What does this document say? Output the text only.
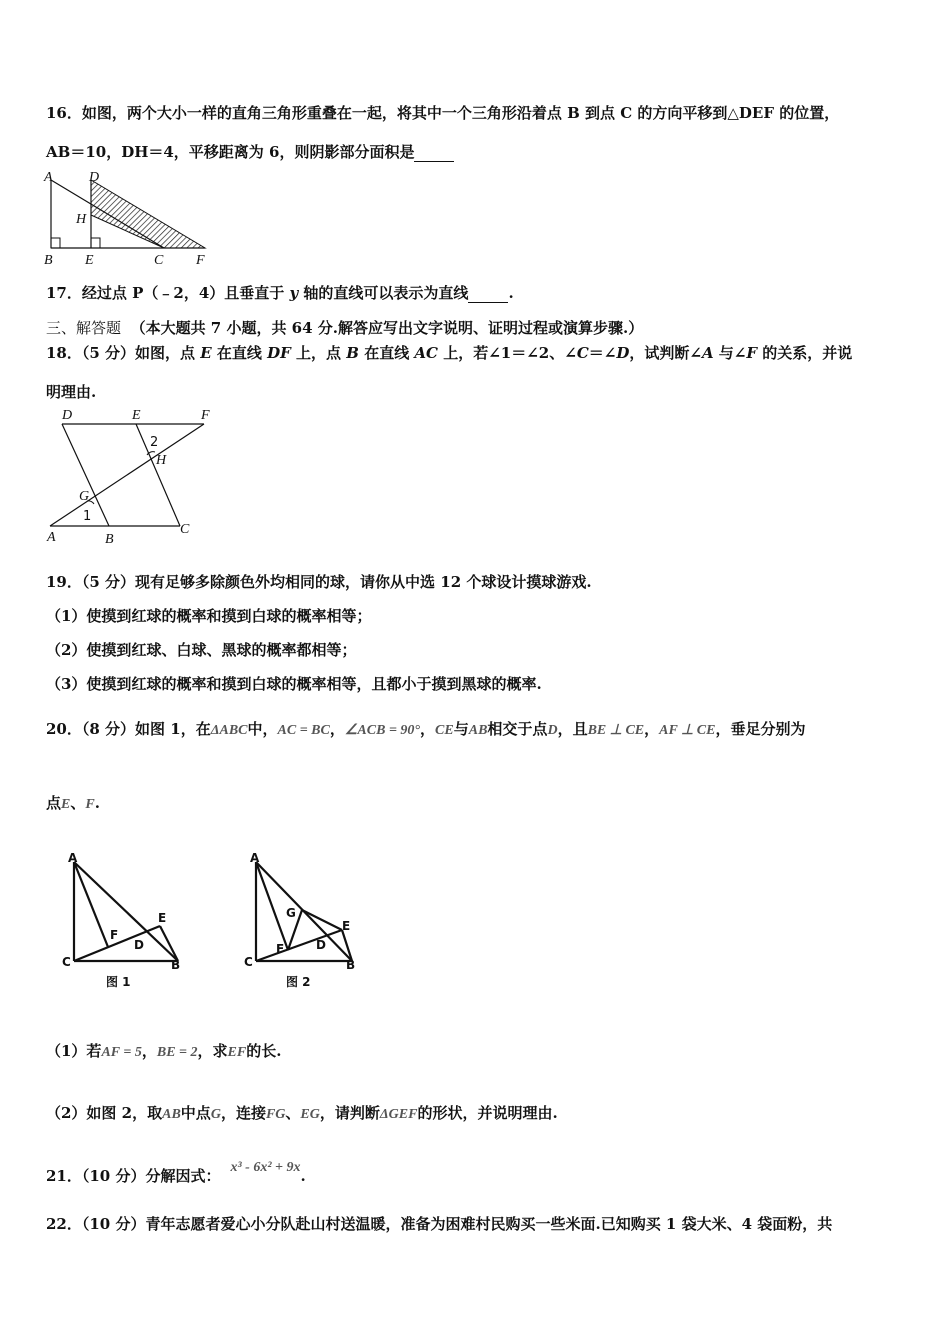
16．如图，两个大小一样的直角三角形重叠在一起，将其中一个三角形沿着点 B 到点 C 的方向平移到△DEF 的位置，
AB＝10，DH＝4，平移距离为 6，则阴影部分面积是
A	D
H
B E	C F
17．经过点 P（﹣2，4）且垂直于 y 轴的直线可以表示为直线	.
三、解答题 （本大题共 7 小题，共 64 分.解答应写出文字说明、证明过程或演算步骤.）
18．（5 分）如图，点 E 在直线 DF 上，点 B 在直线 AC 上，若∠1＝∠2、∠C＝∠D，试判断∠A 与∠F 的关系，并说
明理由.
D	E	F
2
H
G
1
A	B
C
19．（5 分）现有足够多除颜色外均相同的球，请你从中选 12 个球设计摸球游戏.
（1）使摸到红球的概率和摸到白球的概率相等；
（2）使摸到红球、白球、黑球的概率都相等；
（3）使摸到红球的概率和摸到白球的概率相等，且都小于摸到黑球的概率.
20．（8 分）如图 1，在ΔABC中，AC = BC，∠ACB = 90°，CE与AB相交于点D，且BE ⊥ CE，AF ⊥ CE，垂足分别为
点E、F.
A
C	B
E
F
D
图 1
A
C	B
E
G
F	D
图 2
（1）若AF = 5，BE = 2，求EF的长.
（2）如图 2，取AB中点G，连接FG、EG，请判断ΔGEF的形状，并说明理由.
21．（10 分）分解因式： x³ - 6x² + 9x.
22．（10 分）青年志愿者爱心小分队赴山村送温暖，准备为困难村民购买一些米面.已知购买 1 袋大米、4 袋面粉，共
